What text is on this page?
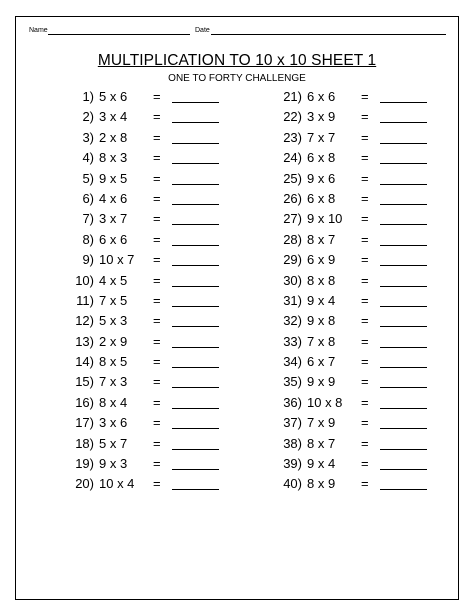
Name	Date
MULTIPLICATION TO 10 x 10 SHEET 1
ONE TO FORTY CHALLENGE
1) 5 x 6 =
2) 3 x 4 =
3) 2 x 8 =
4) 8 x 3 =
5) 9 x 5 =
6) 4 x 6 =
7) 3 x 7 =
8) 6 x 6 =
9) 10 x 7 =
10) 4 x 5 =
11) 7 x 5 =
12) 5 x 3 =
13) 2 x 9 =
14) 8 x 5 =
15) 7 x 3 =
16) 8 x 4 =
17) 3 x 6 =
18) 5 x 7 =
19) 9 x 3 =
20) 10 x 4 =
21) 6 x 6 =
22) 3 x 9 =
23) 7 x 7 =
24) 6 x 8 =
25) 9 x 6 =
26) 6 x 8 =
27) 9 x 10 =
28) 8 x 7 =
29) 6 x 9 =
30) 8 x 8 =
31) 9 x 4 =
32) 9 x 8 =
33) 7 x 8 =
34) 6 x 7 =
35) 9 x 9 =
36) 10 x 8 =
37) 7 x 9 =
38) 8 x 7 =
39) 9 x 4 =
40) 8 x 9 =
